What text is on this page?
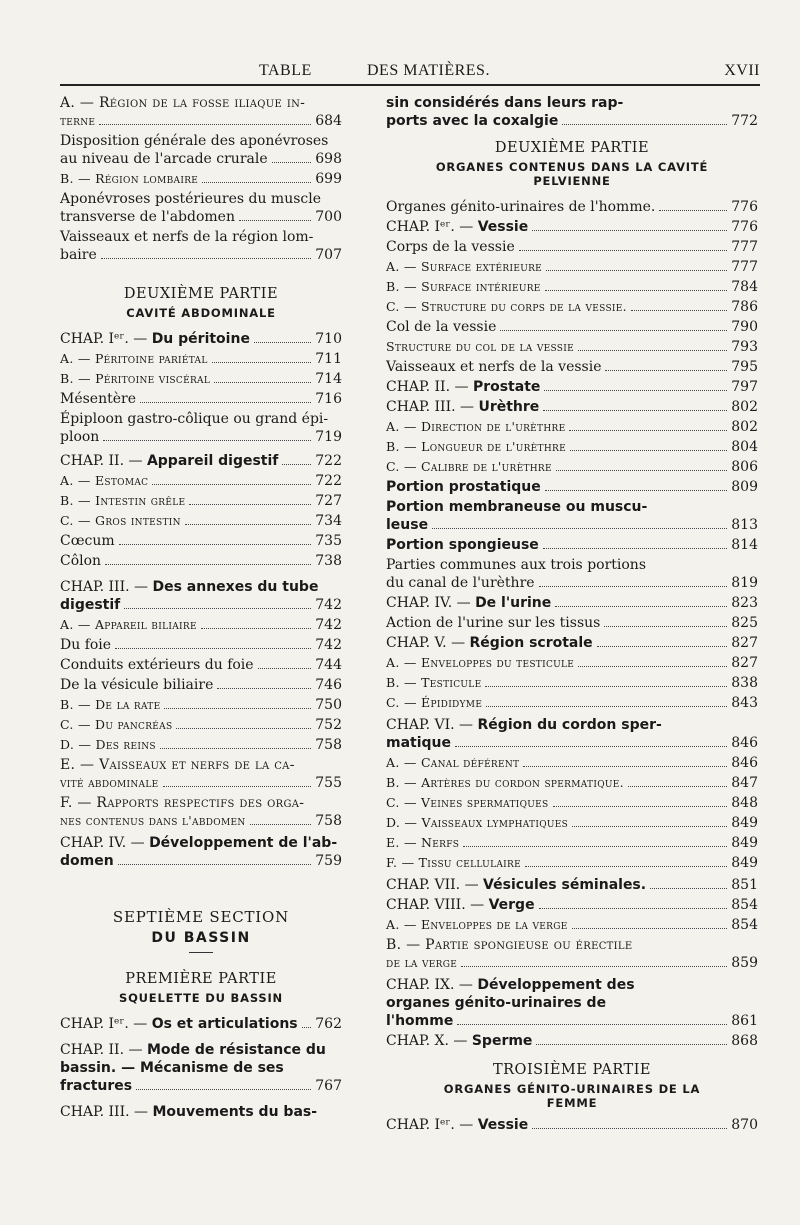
TABLE	DES MATIÈRES.	XVII
A. — Région de la fosse iliaque in-
terne	684
Disposition générale des aponévroses
au niveau de l'arcade crurale	698
B. — Région lombaire	699
Aponévroses postérieures du muscle
transverse de l'abdomen	700
Vaisseaux et nerfs de la région lom-
baire	707
DEUXIÈME PARTIE
CAVITÉ ABDOMINALE
CHAP. Iᵉʳ. — Du péritoine	710
A. — Péritoine pariétal	711
B. — Péritoine viscéral	714
Mésentère	716
Épiploon gastro-côlique ou grand épi-
ploon	719
CHAP. II. — Appareil digestif	722
A. — Estomac	722
B. — Intestin grêle	727
C. — Gros intestin	734
Cœcum	735
Côlon	738
CHAP. III. — Des annexes du tube
digestif	742
A. — Appareil biliaire	742
Du foie	742
Conduits extérieurs du foie	744
De la vésicule biliaire	746
B. — De la rate	750
C. — Du pancréas	752
D. — Des reins	758
E. — Vaisseaux et nerfs de la ca-
vité abdominale	755
F. — Rapports respectifs des orga-
nes contenus dans l'abdomen	758
CHAP. IV. — Développement de l'ab-
domen	759
SEPTIÈME SECTION
DU BASSIN
PREMIÈRE PARTIE
SQUELETTE DU BASSIN
CHAP. Iᵉʳ. — Os et articulations 762
CHAP. II. — Mode de résistance du
bassin. — Mécanisme de ses
fractures	767
CHAP. III. — Mouvements du bas-
sin considérés dans leurs rap-
ports avec la coxalgie	772
DEUXIÈME PARTIE
ORGANES CONTENUS DANS LA CAVITÉ
PELVIENNE
Organes génito-urinaires de l'homme.	776
CHAP. Iᵉʳ. — Vessie	776
Corps de la vessie	777
A. — Surface extérieure	777
B. — Surface intérieure	784
C. — Structure du corps de la vessie.	786
Col de la vessie	790
Structure du col de la vessie	793
Vaisseaux et nerfs de la vessie	795
CHAP. II. — Prostate	797
CHAP. III. — Urèthre	802
A. — Direction de l'urèthre	802
B. — Longueur de l'urèthre	804
C. — Calibre de l'urèthre	806
Portion prostatique	809
Portion membraneuse ou muscu-
leuse	813
Portion spongieuse	814
Parties communes aux trois portions
du canal de l'urèthre	819
CHAP. IV. — De l'urine	823
Action de l'urine sur les tissus	825
CHAP. V. — Région scrotale	827
A. — Enveloppes du testicule	827
B. — Testicule	838
C. — Épididyme	843
CHAP. VI. — Région du cordon sper-
matique	846
A. — Canal déférent	846
B. — Artères du cordon spermatique.	847
C. — Veines spermatiques	848
D. — Vaisseaux lymphatiques	849
E. — Nerfs	849
F. — Tissu cellulaire	849
CHAP. VII. — Vésicules séminales.	851
CHAP. VIII. — Verge	854
A. — Enveloppes de la verge	854
B. — Partie spongieuse ou érectile
de la verge	859
CHAP. IX. — Développement des
organes génito-urinaires de
l'homme	861
CHAP. X. — Sperme	868
TROISIÈME PARTIE
ORGANES GÉNITO-URINAIRES DE LA
FEMME
CHAP. Iᵉʳ. — Vessie	870
